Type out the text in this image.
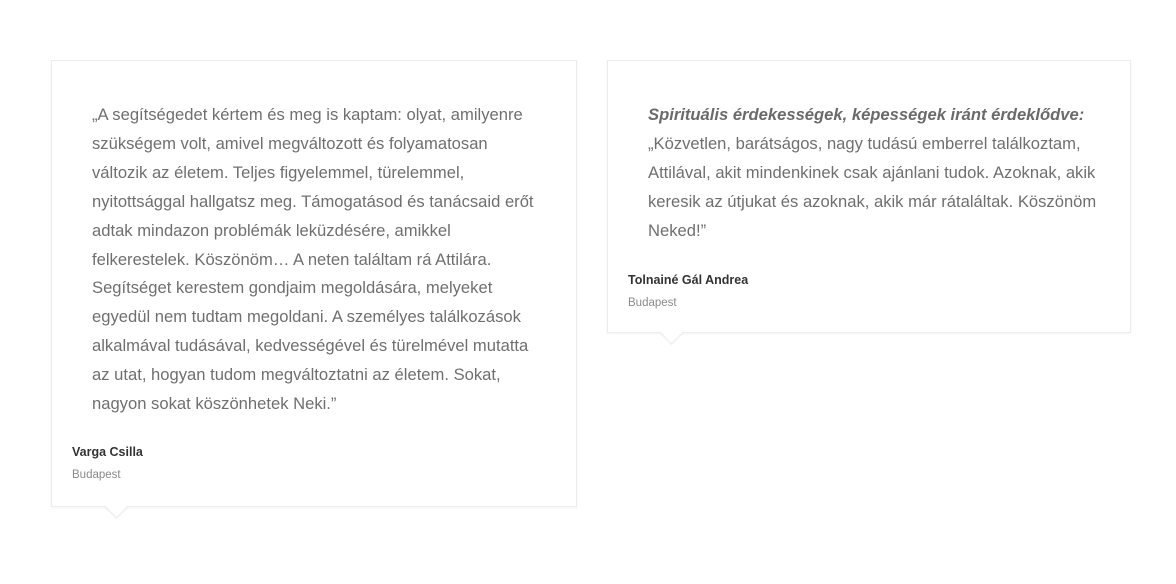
„A segítségedet kértem és meg is kaptam: olyat, amilyenre szükségem volt, amivel megváltozott és folyamatosan változik az életem. Teljes figyelemmel, türelemmel, nyitottsággal hallgatsz meg. Támogatásod és tanácsaid erőt adtak mindazon problémák leküzdésére, amikkel felkerestelek. Köszönöm… A neten találtam rá Attilára. Segítséget kerestem gondjaim megoldására, melyeket egyedül nem tudtam megoldani. A személyes találkozások alkalmával tudásával, kedvességével és türelmével mutatta az utat, hogyan tudom megváltoztatni az életem. Sokat, nagyon sokat köszönhetek Neki.”

Varga Csilla

Budapest

Spirituális érdekességek, képességek iránt érdeklődve:
„Közvetlen, barátságos, nagy tudású emberrel találkoztam, Attilával, akit mindenkinek csak ajánlani tudok. Azoknak, akik keresik az útjukat és azoknak, akik már rátaláltak. Köszönöm Neked!”

Tolnainé Gál Andrea

Budapest
